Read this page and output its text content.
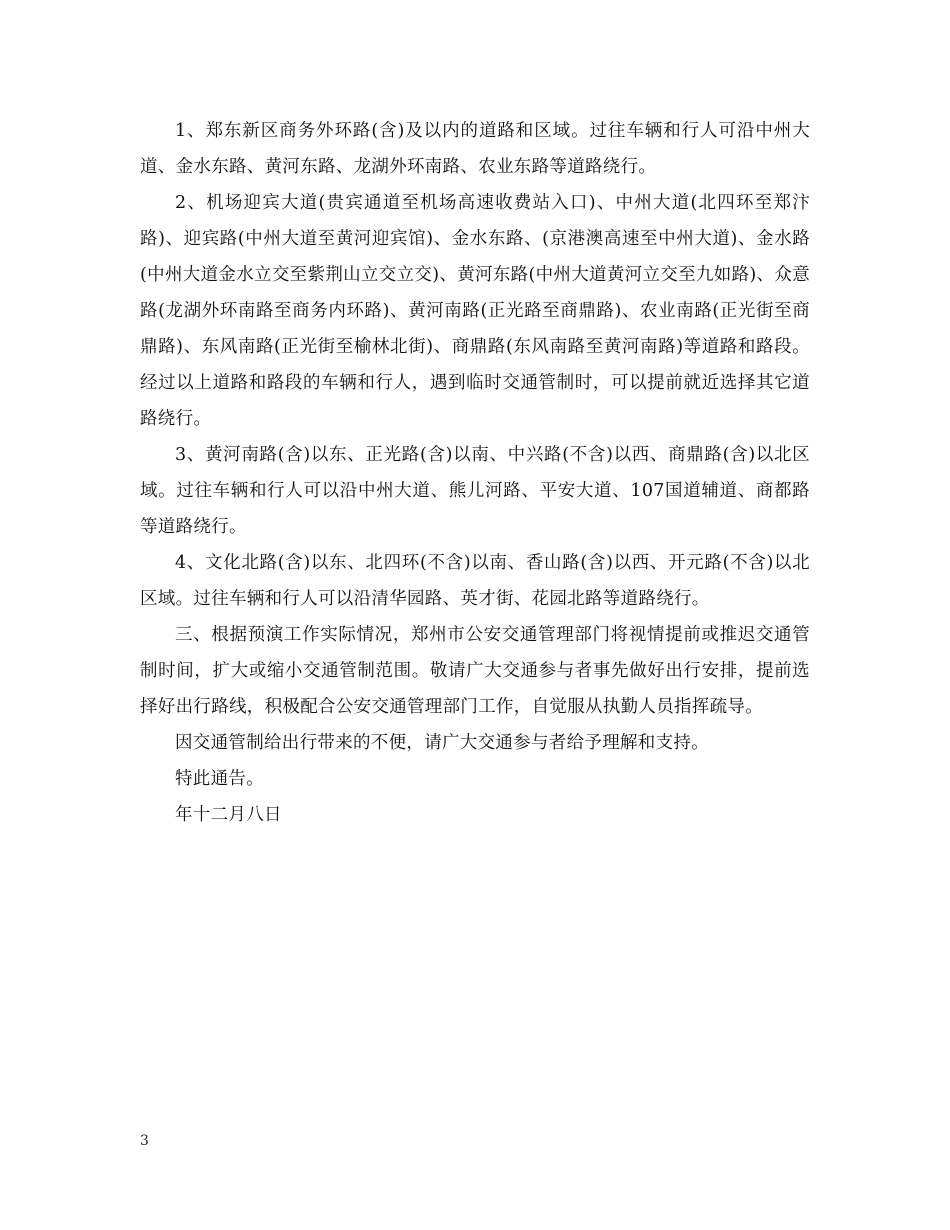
1、郑东新区商务外环路(含)及以内的道路和区域。过往车辆和行人可沿中州大道、金水东路、黄河东路、龙湖外环南路、农业东路等道路绕行。

2、机场迎宾大道(贵宾通道至机场高速收费站入口)、中州大道(北四环至郑汴路)、迎宾路(中州大道至黄河迎宾馆)、金水东路、(京港澳高速至中州大道)、金水路(中州大道金水立交至紫荆山立交立交)、黄河东路(中州大道黄河立交至九如路)、众意路(龙湖外环南路至商务内环路)、黄河南路(正光路至商鼎路)、农业南路(正光街至商鼎路)、东风南路(正光街至榆林北街)、商鼎路(东风南路至黄河南路)等道路和路段。经过以上道路和路段的车辆和行人，遇到临时交通管制时，可以提前就近选择其它道路绕行。

3、黄河南路(含)以东、正光路(含)以南、中兴路(不含)以西、商鼎路(含)以北区域。过往车辆和行人可以沿中州大道、熊儿河路、平安大道、107国道辅道、商都路等道路绕行。

4、文化北路(含)以东、北四环(不含)以南、香山路(含)以西、开元路(不含)以北区域。过往车辆和行人可以沿清华园路、英才街、花园北路等道路绕行。

三、根据预演工作实际情况，郑州市公安交通管理部门将视情提前或推迟交通管制时间，扩大或缩小交通管制范围。敬请广大交通参与者事先做好出行安排，提前选择好出行路线，积极配合公安交通管理部门工作，自觉服从执勤人员指挥疏导。

因交通管制给出行带来的不便，请广大交通参与者给予理解和支持。

特此通告。

年十二月八日

3
